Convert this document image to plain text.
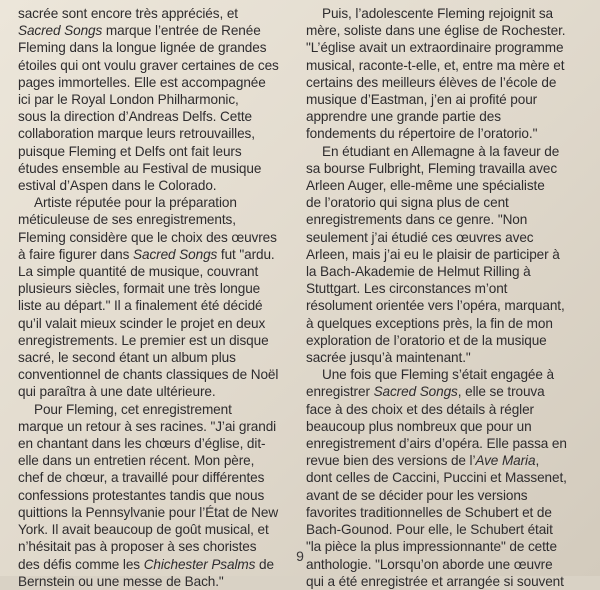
sacrée sont encore très appréciés, et
Sacred Songs marque l’entrée de Renée
Fleming dans la longue lignée de grandes
étoiles qui ont voulu graver certaines de ces
pages immortelles. Elle est accompagnée
ici par le Royal London Philharmonic,
sous la direction d’Andreas Delfs. Cette
collaboration marque leurs retrouvailles,
puisque Fleming et Delfs ont fait leurs
études ensemble au Festival de musique
estival d’Aspen dans le Colorado.
Artiste réputée pour la préparation
méticuleuse de ses enregistrements,
Fleming considère que le choix des œuvres
à faire figurer dans Sacred Songs fut "ardu.
La simple quantité de musique, couvrant
plusieurs siècles, formait une très longue
liste au départ." Il a finalement été décidé
qu’il valait mieux scinder le projet en deux
enregistrements. Le premier est un disque
sacré, le second étant un album plus
conventionnel de chants classiques de Noël
qui paraîtra à une date ultérieure.
Pour Fleming, cet enregistrement
marque un retour à ses racines. "J’ai grandi
en chantant dans les chœurs d’église, dit-
elle dans un entretien récent. Mon père,
chef de chœur, a travaillé pour différentes
confessions protestantes tandis que nous
quittions la Pennsylvanie pour l’État de New
York. Il avait beaucoup de goût musical, et
n’hésitait pas à proposer à ses choristes
des défis comme les Chichester Psalms de
Bernstein ou une messe de Bach."
Puis, l’adolescente Fleming rejoignit sa
mère, soliste dans une église de Rochester.
"L’église avait un extraordinaire programme
musical, raconte-t-elle, et, entre ma mère et
certains des meilleurs élèves de l’école de
musique d’Eastman, j’en ai profité pour
apprendre une grande partie des
fondements du répertoire de l’oratorio."
En étudiant en Allemagne à la faveur de
sa bourse Fulbright, Fleming travailla avec
Arleen Auger, elle-même une spécialiste
de l’oratorio qui signa plus de cent
enregistrements dans ce genre. "Non
seulement j’ai étudié ces œuvres avec
Arleen, mais j’ai eu le plaisir de participer à
la Bach-Akademie de Helmut Rilling à
Stuttgart. Les circonstances m’ont
résolument orientée vers l’opéra, marquant,
à quelques exceptions près, la fin de mon
exploration de l’oratorio et de la musique
sacrée jusqu’à maintenant."
Une fois que Fleming s’était engagée à
enregistrer Sacred Songs, elle se trouva
face à des choix et des détails à régler
beaucoup plus nombreux que pour un
enregistrement d’airs d’opéra. Elle passa en
revue bien des versions de l’Ave Maria,
dont celles de Caccini, Puccini et Massenet,
avant de se décider pour les versions
favorites traditionnelles de Schubert et de
Bach-Gounod. Pour elle, le Schubert était
"la pièce la plus impressionnante" de cette
anthologie. "Lorsqu’on aborde une œuvre
qui a été enregistrée et arrangée si souvent
9
